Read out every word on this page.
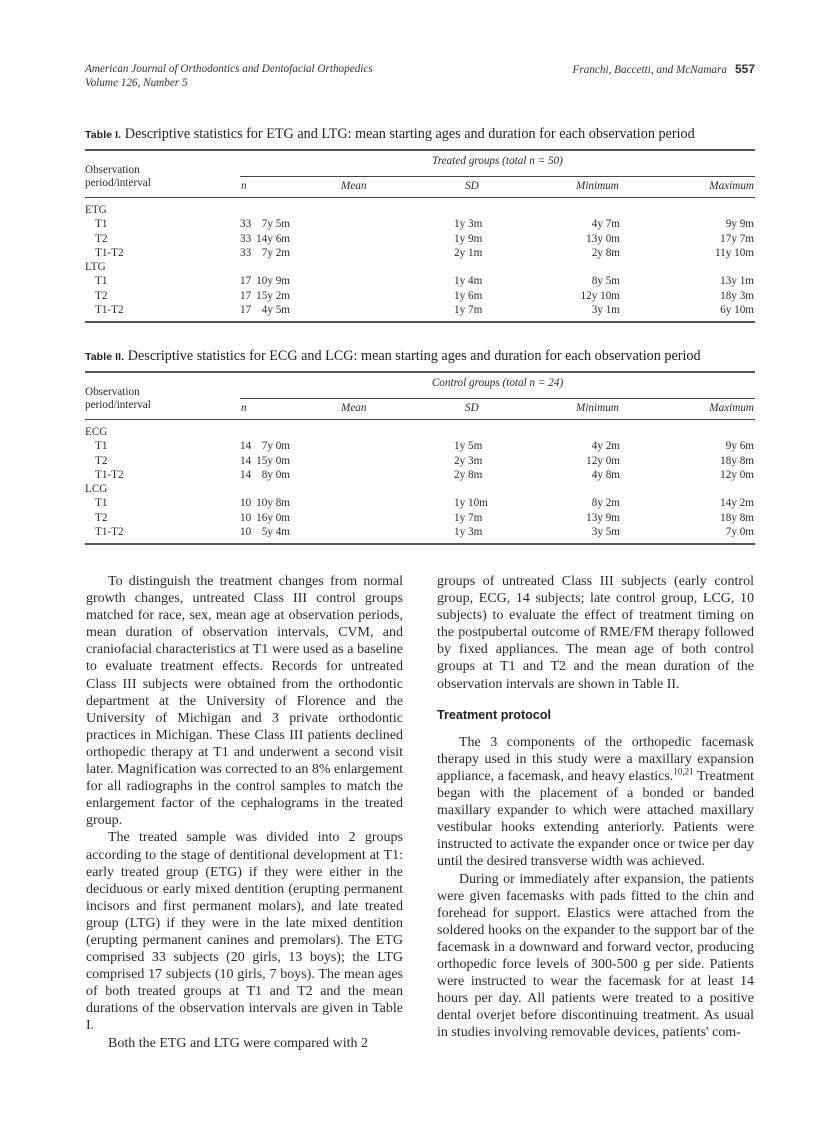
American Journal of Orthodontics and Dentofacial Orthopedics
Volume 126, Number 5
Franchi, Baccetti, and McNamara 557
Table I. Descriptive statistics for ETG and LTG: mean starting ages and duration for each observation period
Observation
period/interval
Treated groups (total n = 50)
n	Mean	SD	Minimum	Maximum
ETG
T1	33 7y 5m	1y 3m	4y 7m	9y 9m
T2	33 14y 6m	1y 9m	13y 0m	17y 7m
T1-T2	33 7y 2m	2y 1m	2y 8m	11y 10m
LTG
T1	17 10y 9m	1y 4m	8y 5m	13y 1m
T2	17 15y 2m	1y 6m	12y 10m	18y 3m
T1-T2	17 4y 5m	1y 7m	3y 1m	6y 10m
Table II. Descriptive statistics for ECG and LCG: mean starting ages and duration for each observation period
Observation
period/interval
Control groups (total n = 24)
n	Mean	SD	Minimum	Maximum
ECG
T1	14 7y 0m	1y 5m	4y 2m	9y 6m
T2	14 15y 0m	2y 3m	12y 0m	18y 8m
T1-T2	14 8y 0m	2y 8m	4y 8m	12y 0m
LCG
T1	10 10y 8m	1y 10m	8y 2m	14y 2m
T2	10 16y 0m	1y 7m	13y 9m	18y 8m
T1-T2	10 5y 4m	1y 3m	3y 5m	7y 0m

To distinguish the treatment changes from normal growth changes, untreated Class III control groups matched for race, sex, mean age at observation periods, mean duration of observation intervals, CVM, and craniofacial characteristics at T1 were used as a baseline to evaluate treatment effects. Records for untreated Class III subjects were obtained from the orthodontic department at the University of Florence and the University of Michigan and 3 private orthodontic practices in Michigan. These Class III patients declined orthopedic therapy at T1 and underwent a second visit later. Magnification was corrected to an 8% enlargement for all radiographs in the control samples to match the enlargement factor of the cephalograms in the treated group.

The treated sample was divided into 2 groups according to the stage of dentitional development at T1: early treated group (ETG) if they were either in the deciduous or early mixed dentition (erupting permanent incisors and first permanent molars), and late treated group (LTG) if they were in the late mixed dentition (erupting permanent canines and premolars). The ETG comprised 33 subjects (20 girls, 13 boys); the LTG comprised 17 subjects (10 girls, 7 boys). The mean ages of both treated groups at T1 and T2 and the mean durations of the observation intervals are given in Table I.

Both the ETG and LTG were compared with 2

groups of untreated Class III subjects (early control group, ECG, 14 subjects; late control group, LCG, 10 subjects) to evaluate the effect of treatment timing on the postpubertal outcome of RME/FM therapy followed by fixed appliances. The mean age of both control groups at T1 and T2 and the mean duration of the observation intervals are shown in Table II.

Treatment protocol

The 3 components of the orthopedic facemask therapy used in this study were a maxillary expansion appliance, a facemask, and heavy elastics.$^{10,21}$ Treatment began with the placement of a bonded or banded maxillary expander to which were attached maxillary vestibular hooks extending anteriorly. Patients were instructed to activate the expander once or twice per day until the desired transverse width was achieved.

During or immediately after expansion, the patients were given facemasks with pads fitted to the chin and forehead for support. Elastics were attached from the soldered hooks on the expander to the support bar of the facemask in a downward and forward vector, producing orthopedic force levels of 300-500 g per side. Patients were instructed to wear the facemask for at least 14 hours per day. All patients were treated to a positive dental overjet before discontinuing treatment. As usual in studies involving removable devices, patients' com-
